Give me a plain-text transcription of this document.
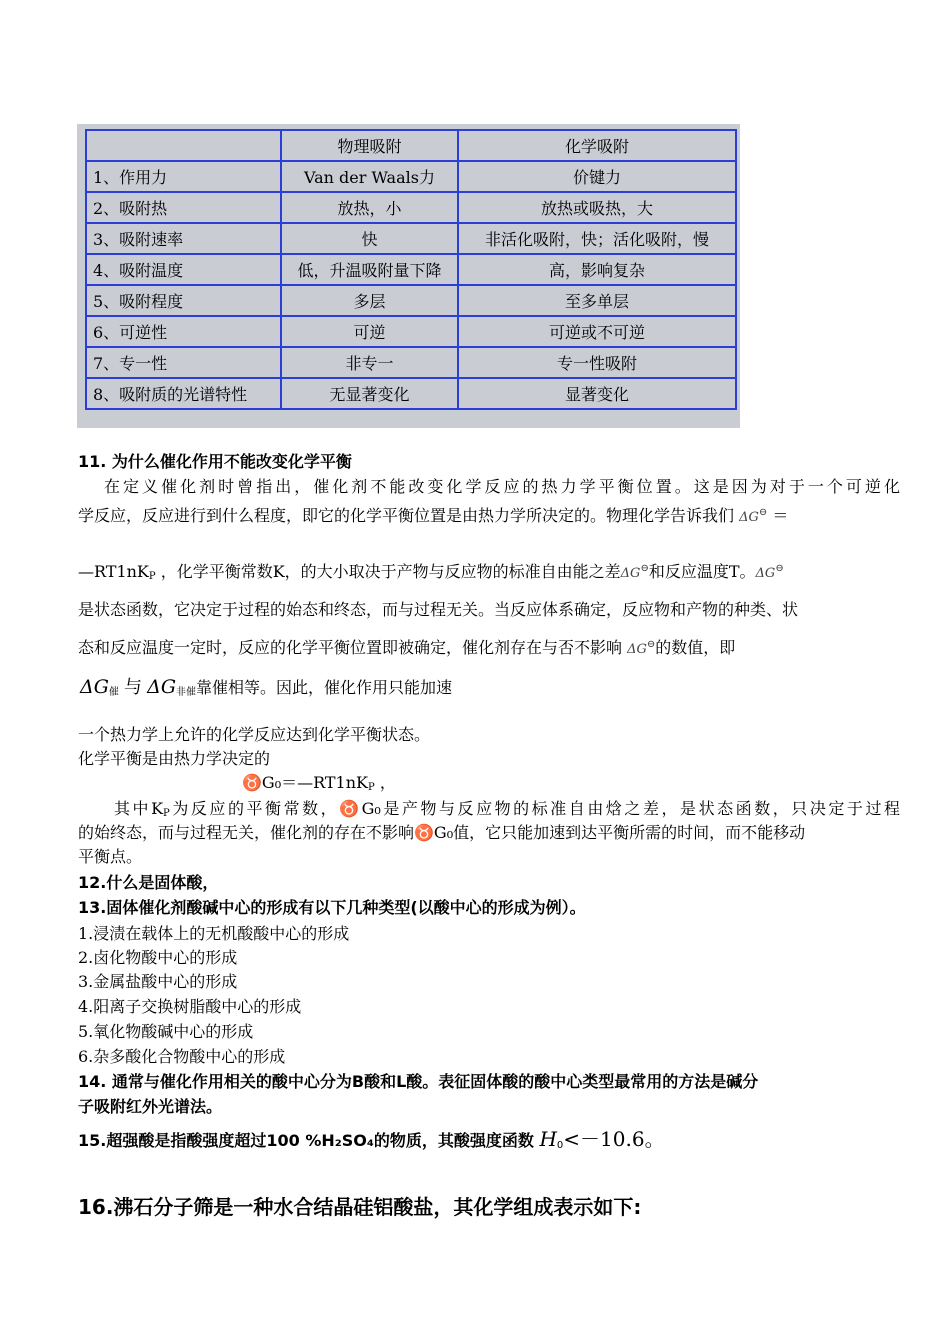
	物理吸附	化学吸附
1、作用力	Van der Waals力	价键力
2、吸附热	放热，小	放热或吸热，大
3、吸附速率	快	非活化吸附，快；活化吸附，慢
4、吸附温度	低，升温吸附量下降	高，影响复杂
5、吸附程度	多层	至多单层
6、可逆性	可逆	可逆或不可逆
7、专一性	非专一	专一性吸附
8、吸附质的光谱特性	无显著变化	显著变化
11. 为什么催化作用不能改变化学平衡
在定义催化剂时曾指出，催化剂不能改变化学反应的热力学平衡位置。这是因为对于一个可逆化
学反应，反应进行到什么程度，即它的化学平衡位置是由热力学所决定的。物理化学告诉我们 ΔG⊖ ＝
$—RT1nK_P$ ，化学平衡常数K，的大小取决于产物与反应物的标准自由能之差ΔG⊖和反应温度T。ΔG⊖
是状态函数，它决定于过程的始态和终态，而与过程无关。当反应体系确定，反应物和产物的种类、状
态和反应温度一定时，反应的化学平衡位置即被确定，催化剂存在与否不影响 ΔG⊖的数值，即
$\Delta G_催$ 与 $\Delta G_{非催}$靠催相等。因此，催化作用只能加速
一个热力学上允许的化学反应达到化学平衡状态。
化学平衡是由热力学决定的
$♉G_0=—RT1nK_P$ ，
其中$K_P$为反应的平衡常数，♉G₀是产物与反应物的标准自由焓之差，是状态函数，只决定于过程
的始终态，而与过程无关，催化剂的存在不影响♉G₀值，它只能加速到达平衡所需的时间，而不能移动
平衡点。
12.什么是固体酸，
13.固体催化剂酸碱中心的形成有以下几种类型(以酸中心的形成为例）。
1.浸渍在载体上的无机酸酸中心的形成
2.卤化物酸中心的形成
3.金属盐酸中心的形成
4.阳离子交换树脂酸中心的形成
5.氧化物酸碱中心的形成
6.杂多酸化合物酸中心的形成
14. 通常与催化作用相关的酸中心分为B酸和L酸。表征固体酸的酸中心类型最常用的方法是碱分
子吸附红外光谱法。
15.超强酸是指酸强度超过100 %H₂SO₄的物质，其酸强度函数 $H_0<-10.6$。
16.沸石分子筛是一种水合结晶硅铝酸盐，其化学组成表示如下:
